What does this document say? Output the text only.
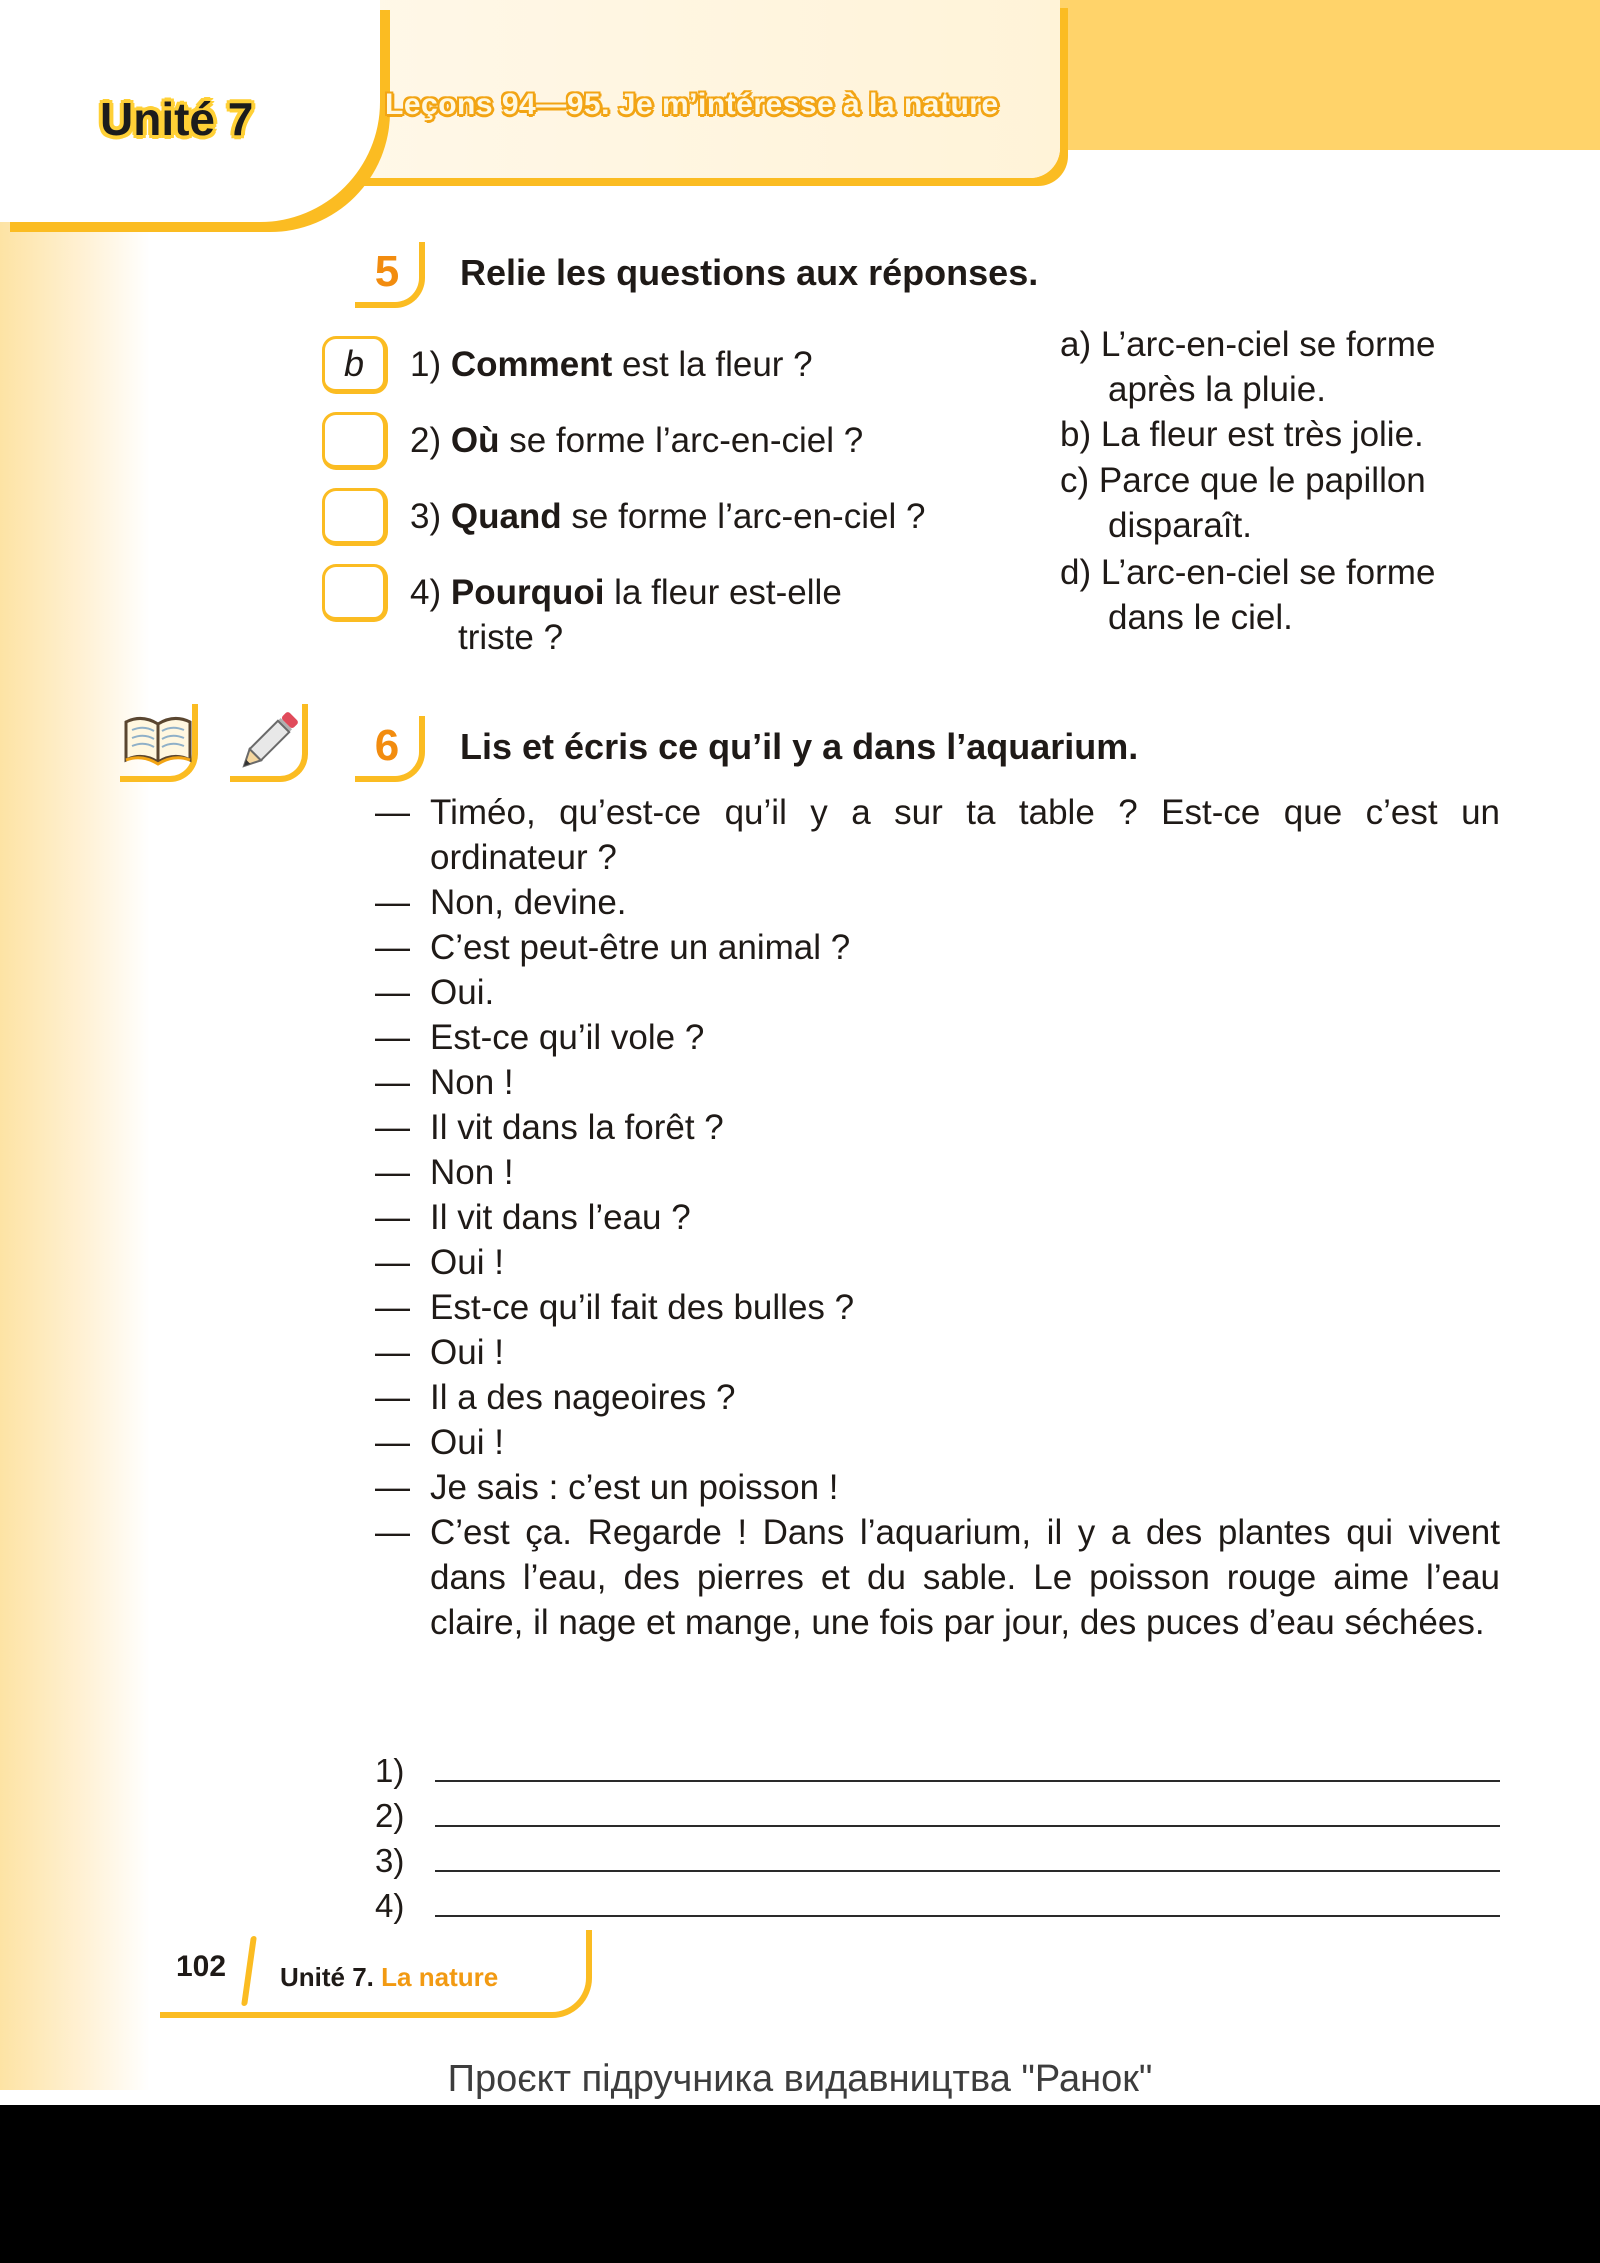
Unité 7	Leçons 94—95. Je m’intéresse à la nature
5	Relie les questions aux réponses.
b	1) Comment est la fleur ?
2) Où se forme l’arc-en-ciel ?
3) Quand se forme l’arc-en-ciel ?
4) Pourquoi la fleur est-elle
triste ?
a) L’arc-en-ciel se forme
après la pluie.
b) La fleur est très jolie.
c) Parce que le papillon
disparaît.
d) L’arc-en-ciel se forme
dans le ciel.
6	Lis et écris ce qu’il y a dans l’aquarium.
— Timéo, qu’est-ce qu’il y a sur ta table ? Est-ce que c’est un ordinateur ?
— Non, devine.
— C’est peut-être un animal ?
— Oui.
— Est-ce qu’il vole ?
— Non !
— Il vit dans la forêt ?
— Non !
— Il vit dans l’eau ?
— Oui !
— Est-ce qu’il fait des bulles ?
— Oui !
— Il a des nageoires ?
— Oui !
— Je sais : c’est un poisson !
— C’est ça. Regarde ! Dans l’aquarium, il y a des plantes qui vivent dans l’eau, des pierres et du sable. Le poisson rouge aime l’eau claire, il nage et mange, une fois par jour, des puces d’eau séchées.
1)
2)
3)
4)
102 Unité 7. La nature
Проєкт підручника видавництва "Ранок"
